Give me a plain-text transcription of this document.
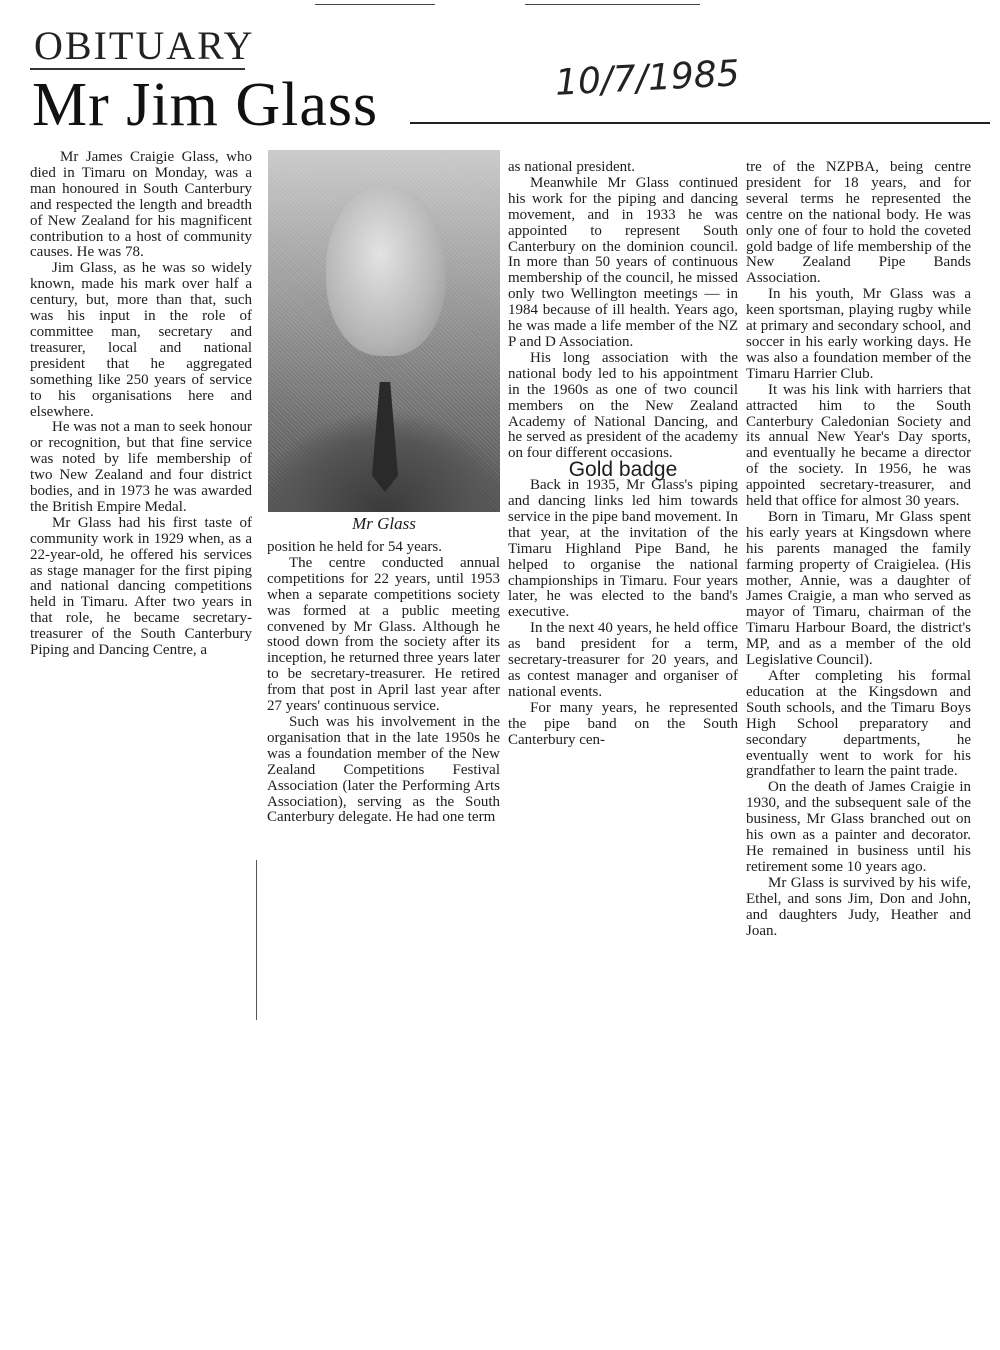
OBITUARY
Mr Jim Glass	10/7/1985
Mr Glass

Mr James Craigie Glass, who died in Timaru on Monday, was a man honoured in South Canterbury and respected the length and breadth of New Zealand for his magnificent contribution to a host of community causes. He was 78.

Jim Glass, as he was so widely known, made his mark over half a century, but, more than that, such was his input in the role of committee man, secretary and treasurer, local and national president that he aggregated something like 250 years of service to his organisations here and elsewhere.

He was not a man to seek honour or recognition, but that fine service was noted by life membership of two New Zealand and four district bodies, and in 1973 he was awarded the British Empire Medal.

Mr Glass had his first taste of community work in 1929 when, as a 22-year-old, he offered his services as stage manager for the first piping and national dancing competitions held in Timaru. After two years in that role, he became secretary-treasurer of the South Canterbury Piping and Dancing Centre, a

position he held for 54 years.

The centre conducted annual competitions for 22 years, until 1953 when a separate competitions society was formed at a public meeting convened by Mr Glass. Although he stood down from the society after its inception, he returned three years later to be secretary-treasurer. He retired from that post in April last year after 27 years' continuous service.

Such was his involvement in the organisation that in the late 1950s he was a foundation member of the New Zealand Competitions Festival Association (later the Performing Arts Association), serving as the South Canterbury delegate. He had one term

as national president.

Meanwhile Mr Glass continued his work for the piping and dancing movement, and in 1933 he was appointed to represent South Canterbury on the dominion council. In more than 50 years of continuous membership of the council, he missed only two Wellington meetings — in 1984 because of ill health. Years ago, he was made a life member of the NZ P and D Association.

His long association with the national body led to his appointment in the 1960s as one of two council members on the New Zealand Academy of National Dancing, and he served as president of the academy on four different occasions.

Gold badge

Back in 1935, Mr Glass's piping and dancing links led him towards service in the pipe band movement. In that year, at the invitation of the Timaru Highland Pipe Band, he helped to organise the national championships in Timaru. Four years later, he was elected to the band's executive.

In the next 40 years, he held office as band president for a term, secretary-treasurer for 20 years, and as contest manager and organiser of national events.

For many years, he represented the pipe band on the South Canterbury cen-

tre of the NZPBA, being centre president for 18 years, and for several terms he represented the centre on the national body. He was only one of four to hold the coveted gold badge of life membership of the New Zealand Pipe Bands Association.

In his youth, Mr Glass was a keen sportsman, playing rugby while at primary and secondary school, and soccer in his early working days. He was also a foundation member of the Timaru Harrier Club.

It was his link with harriers that attracted him to the South Canterbury Caledonian Society and its annual New Year's Day sports, and eventually he became a director of the society. In 1956, he was appointed secretary-treasurer, and held that office for almost 30 years.

Born in Timaru, Mr Glass spent his early years at Kingsdown where his parents managed the family farming property of Craigielea. (His mother, Annie, was a daughter of James Craigie, a man who served as mayor of Timaru, chairman of the Timaru Harbour Board, the district's MP, and as a member of the old Legislative Council).

After completing his formal education at the Kingsdown and South schools, and the Timaru Boys High School preparatory and secondary departments, he eventually went to work for his grandfather to learn the paint trade.

On the death of James Craigie in 1930, and the subsequent sale of the business, Mr Glass branched out on his own as a painter and decorator. He remained in business until his retirement some 10 years ago.

Mr Glass is survived by his wife, Ethel, and sons Jim, Don and John, and daughters Judy, Heather and Joan.
